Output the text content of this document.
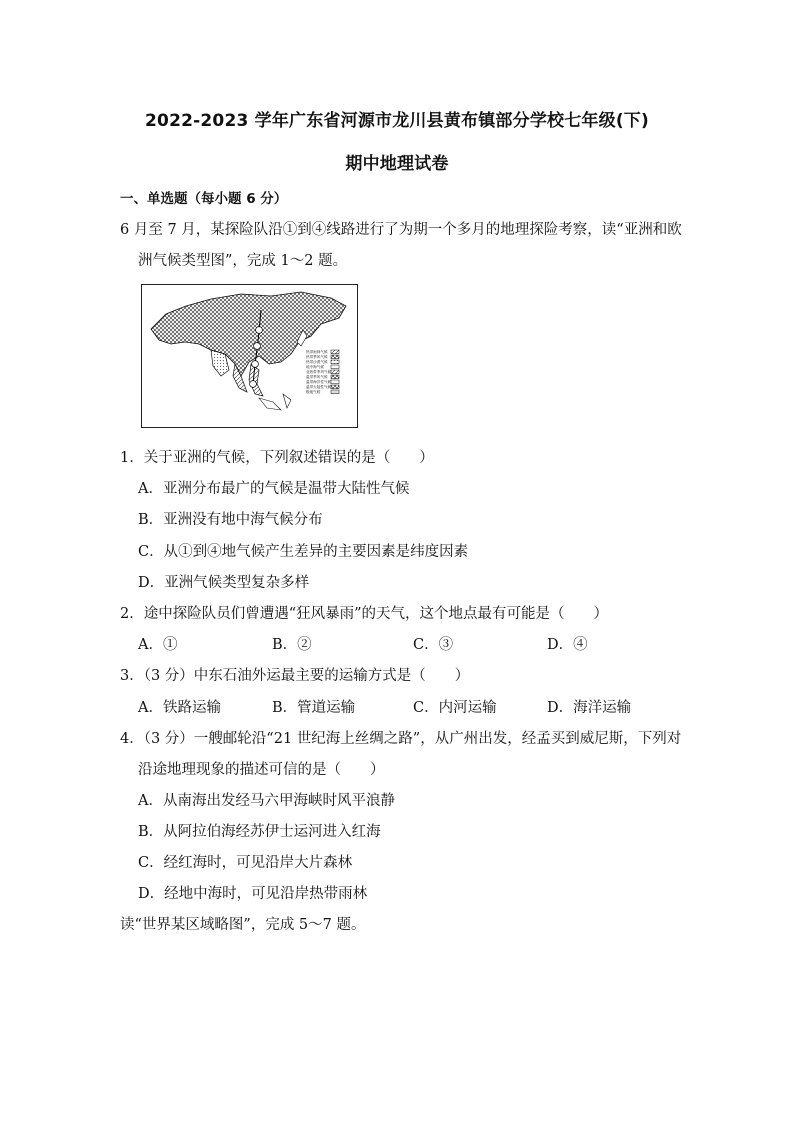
2022-2023 学年广东省河源市龙川县黄布镇部分学校七年级(下)
期中地理试卷
一、单选题（每小题 6 分）
6 月至 7 月，某探险队沿①到④线路进行了为期一个多月的地理探险考察，读“亚洲和欧
洲气候类型图”，完成 1～2 题。
热带雨林气候
热带季风气候
热带沙漠气候
地中海气候
亚热带季风气候
温带季风气候
温带海洋性气候
温带大陆性气候
极地气候
1．关于亚洲的气候，下列叙述错误的是（　　）
A．亚洲分布最广的气候是温带大陆性气候
B．亚洲没有地中海气候分布
C．从①到④地气候产生差异的主要因素是纬度因素
D．亚洲气候类型复杂多样
2．途中探险队员们曾遭遇“狂风暴雨”的天气，这个地点最有可能是（　　）
A．①	B．②	C．③	D．④
3．（3 分）中东石油外运最主要的运输方式是（　　）
A．铁路运输	B．管道运输	C．内河运输	D．海洋运输
4．（3 分）一艘邮轮沿“21 世纪海上丝绸之路”，从广州出发，经孟买到威尼斯，下列对
沿途地理现象的描述可信的是（　　）
A．从南海出发经马六甲海峡时风平浪静
B．从阿拉伯海经苏伊士运河进入红海
C．经红海时，可见沿岸大片森林
D．经地中海时，可见沿岸热带雨林
读“世界某区域略图”，完成 5～7 题。
